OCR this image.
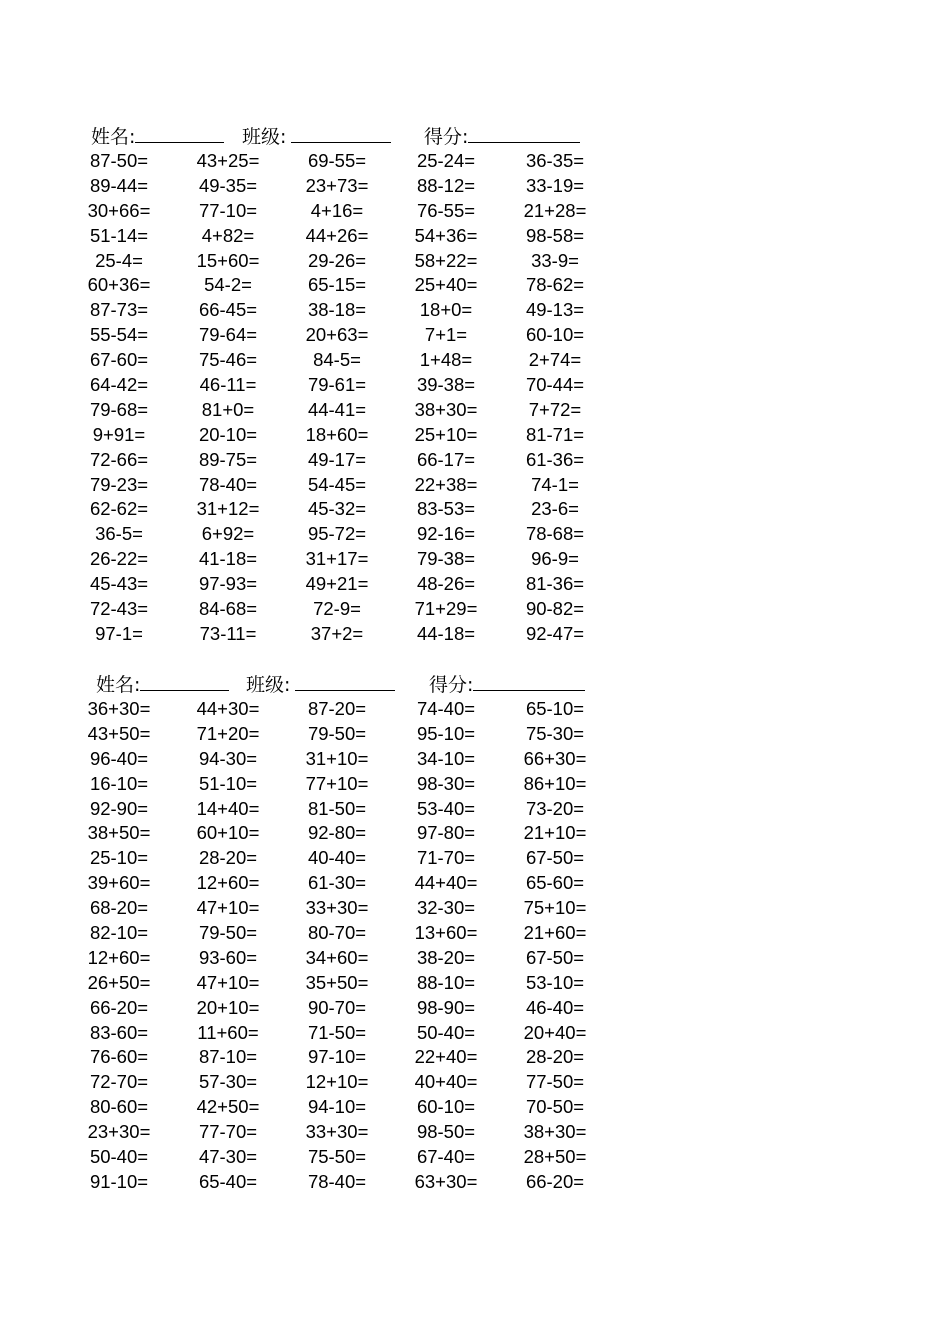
姓名:	班级:	得分:
87-50=	43+25=	69-55=	25-24=	36-35=
89-44=	49-35=	23+73=	88-12=	33-19=
30+66=	77-10=	4+16=	76-55=	21+28=
51-14=	4+82=	44+26=	54+36=	98-58=
25-4=	15+60=	29-26=	58+22=	33-9=
60+36=	54-2=	65-15=	25+40=	78-62=
87-73=	66-45=	38-18=	18+0=	49-13=
55-54=	79-64=	20+63=	7+1=	60-10=
67-60=	75-46=	84-5=	1+48=	2+74=
64-42=	46-11=	79-61=	39-38=	70-44=
79-68=	81+0=	44-41=	38+30=	7+72=
9+91=	20-10=	18+60=	25+10=	81-71=
72-66=	89-75=	49-17=	66-17=	61-36=
79-23=	78-40=	54-45=	22+38=	74-1=
62-62=	31+12=	45-32=	83-53=	23-6=
36-5=	6+92=	95-72=	92-16=	78-68=
26-22=	41-18=	31+17=	79-38=	96-9=
45-43=	97-93=	49+21=	48-26=	81-36=
72-43=	84-68=	72-9=	71+29=	90-82=
97-1=	73-11=	37+2=	44-18=	92-47=
姓名:	班级:	得分:
36+30=	44+30=	87-20=	74-40=	65-10=
43+50=	71+20=	79-50=	95-10=	75-30=
96-40=	94-30=	31+10=	34-10=	66+30=
16-10=	51-10=	77+10=	98-30=	86+10=
92-90=	14+40=	81-50=	53-40=	73-20=
38+50=	60+10=	92-80=	97-80=	21+10=
25-10=	28-20=	40-40=	71-70=	67-50=
39+60=	12+60=	61-30=	44+40=	65-60=
68-20=	47+10=	33+30=	32-30=	75+10=
82-10=	79-50=	80-70=	13+60=	21+60=
12+60=	93-60=	34+60=	38-20=	67-50=
26+50=	47+10=	35+50=	88-10=	53-10=
66-20=	20+10=	90-70=	98-90=	46-40=
83-60=	11+60=	71-50=	50-40=	20+40=
76-60=	87-10=	97-10=	22+40=	28-20=
72-70=	57-30=	12+10=	40+40=	77-50=
80-60=	42+50=	94-10=	60-10=	70-50=
23+30=	77-70=	33+30=	98-50=	38+30=
50-40=	47-30=	75-50=	67-40=	28+50=
91-10=	65-40=	78-40=	63+30=	66-20=
